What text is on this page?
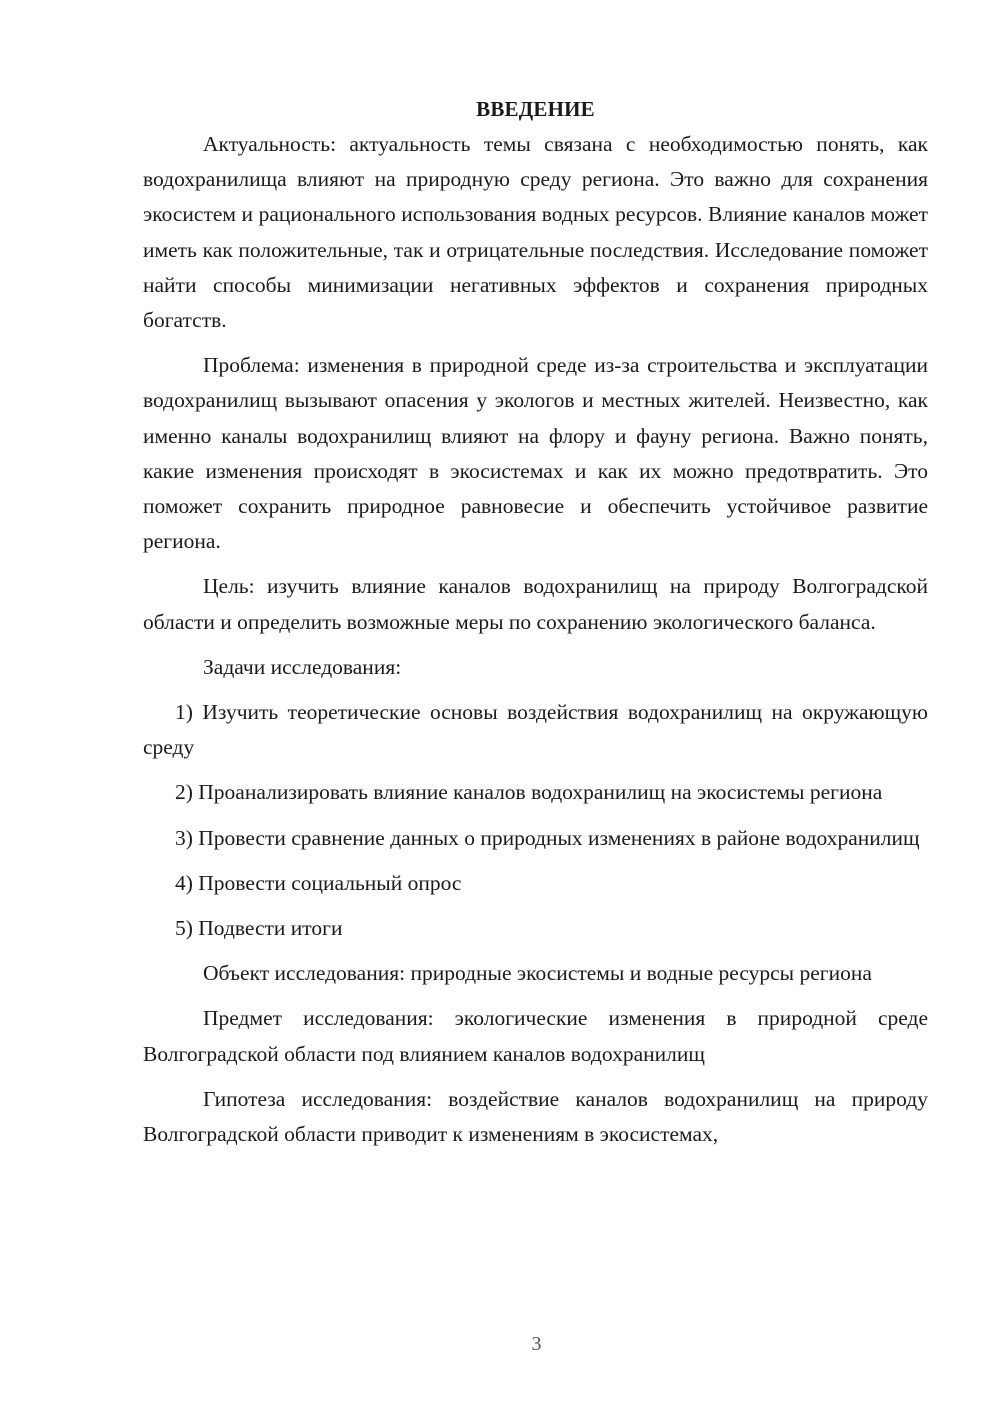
ВВЕДЕНИЕ

Актуальность: актуальность темы связана с необходимостью понять, как водохранилища влияют на природную среду региона. Это важно для сохранения экосистем и рационального использования водных ресурсов. Влияние каналов может иметь как положительные, так и отрицательные последствия. Исследование поможет найти способы минимизации негативных эффектов и сохранения природных богатств.

Проблема: изменения в природной среде из-за строительства и эксплуатации водохранилищ вызывают опасения у экологов и местных жителей. Неизвестно, как именно каналы водохранилищ влияют на флору и фауну региона. Важно понять, какие изменения происходят в экосистемах и как их можно предотвратить. Это поможет сохранить природное равновесие и обеспечить устойчивое развитие региона.

Цель: изучить влияние каналов водохранилищ на природу Волгоградской области и определить возможные меры по сохранению экологического баланса.

Задачи исследования:

1) Изучить теоретические основы воздействия водохранилищ на окружающую среду

2) Проанализировать влияние каналов водохранилищ на экосистемы региона

3) Провести сравнение данных о природных изменениях в районе водохранилищ

4) Провести социальный опрос

5) Подвести итоги

Объект исследования: природные экосистемы и водные ресурсы региона

Предмет исследования: экологические изменения в природной среде Волгоградской области под влиянием каналов водохранилищ

Гипотеза исследования: воздействие каналов водохранилищ на природу Волгоградской области приводит к изменениям в экосистемах,

3
